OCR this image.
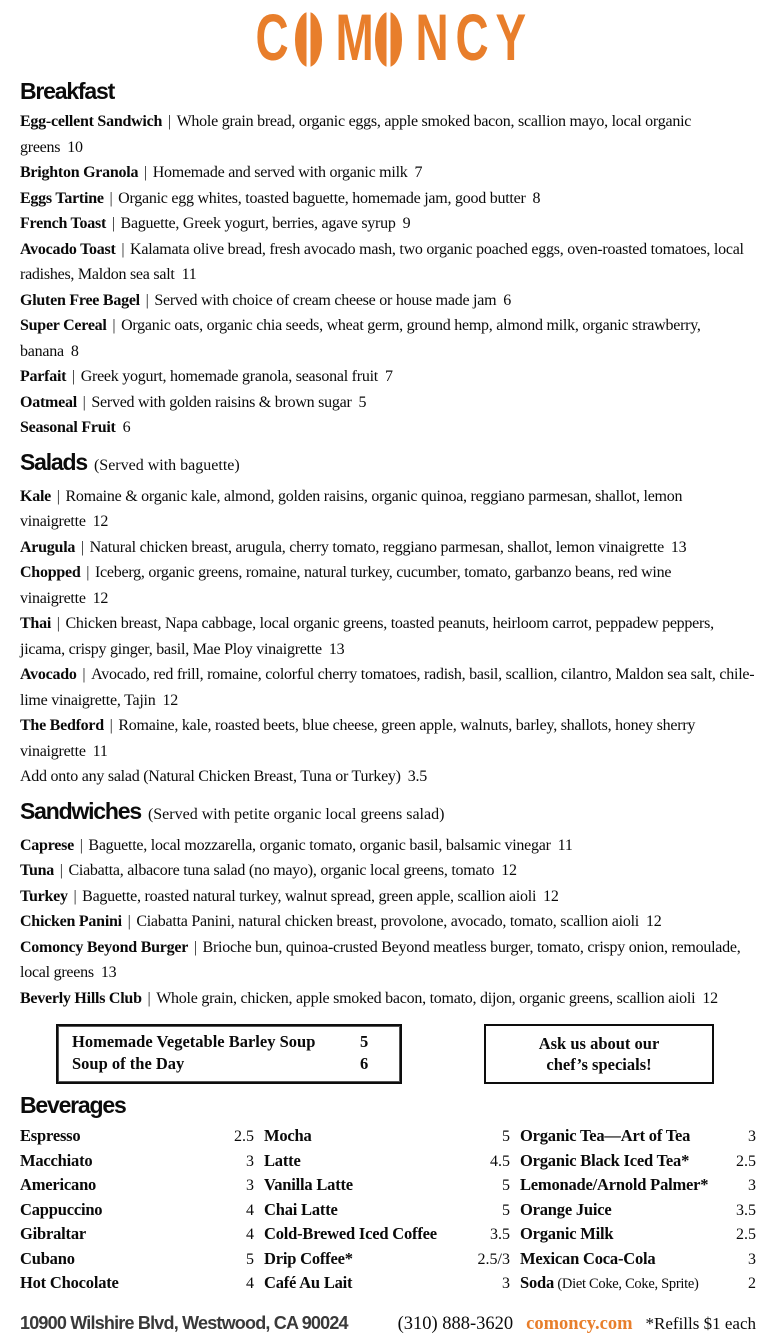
C M N C Y
Breakfast

Egg-cellent Sandwich | Whole grain bread, organic eggs, apple smoked bacon, scallion mayo, local organic greens 10

Brighton Granola | Homemade and served with organic milk 7

Eggs Tartine | Organic egg whites, toasted baguette, homemade jam, good butter 8

French Toast | Baguette, Greek yogurt, berries, agave syrup 9

Avocado Toast | Kalamata olive bread, fresh avocado mash, two organic poached eggs, oven-roasted tomatoes, local radishes, Maldon sea salt 11

Gluten Free Bagel | Served with choice of cream cheese or house made jam 6

Super Cereal | Organic oats, organic chia seeds, wheat germ, ground hemp, almond milk, organic strawberry, banana 8

Parfait | Greek yogurt, homemade granola, seasonal fruit 7

Oatmeal | Served with golden raisins & brown sugar 5

Seasonal Fruit 6

Salads (Served with baguette)

Kale | Romaine & organic kale, almond, golden raisins, organic quinoa, reggiano parmesan, shallot, lemon vinaigrette 12

Arugula | Natural chicken breast, arugula, cherry tomato, reggiano parmesan, shallot, lemon vinaigrette 13

Chopped | Iceberg, organic greens, romaine, natural turkey, cucumber, tomato, garbanzo beans, red wine vinaigrette 12

Thai | Chicken breast, Napa cabbage, local organic greens, toasted peanuts, heirloom carrot, peppadew peppers, jicama, crispy ginger, basil, Mae Ploy vinaigrette 13

Avocado | Avocado, red frill, romaine, colorful cherry tomatoes, radish, basil, scallion, cilantro, Maldon sea salt, chile-lime vinaigrette, Tajin 12

The Bedford | Romaine, kale, roasted beets, blue cheese, green apple, walnuts, barley, shallots, honey sherry vinaigrette 11

Add onto any salad (Natural Chicken Breast, Tuna or Turkey) 3.5

Sandwiches (Served with petite organic local greens salad)

Caprese | Baguette, local mozzarella, organic tomato, organic basil, balsamic vinegar 11

Tuna | Ciabatta, albacore tuna salad (no mayo), organic local greens, tomato 12

Turkey | Baguette, roasted natural turkey, walnut spread, green apple, scallion aioli 12

Chicken Panini | Ciabatta Panini, natural chicken breast, provolone, avocado, tomato, scallion aioli 12

Comoncy Beyond Burger | Brioche bun, quinoa-crusted Beyond meatless burger, tomato, crispy onion, remoulade, local greens 13

Beverly Hills Club | Whole grain, chicken, apple smoked bacon, tomato, dijon, organic greens, scallion aioli 12

Homemade Vegetable Barley Soup	5
Soup of the Day	6
Ask us about our
chef’s specials!
Beverages

Espresso	2.5

Macchiato	3

Americano	3

Cappuccino	4

Gibraltar	4

Cubano	5

Hot Chocolate	4

Mocha	5

Latte	4.5

Vanilla Latte	5

Chai Latte	5

Cold-Brewed Iced Coffee	3.5

Drip Coffee*	2.5/3

Café Au Lait	3

Organic Tea—Art of Tea	3

Organic Black Iced Tea*	2.5

Lemonade/Arnold Palmer* 3

Orange Juice	3.5

Organic Milk	2.5

Mexican Coca-Cola	3

Soda (Diet Coke, Coke, Sprite)	2

10900 Wilshire Blvd, Westwood, CA 90024	(310) 888-3620 comoncy.com *Refills $1 each
